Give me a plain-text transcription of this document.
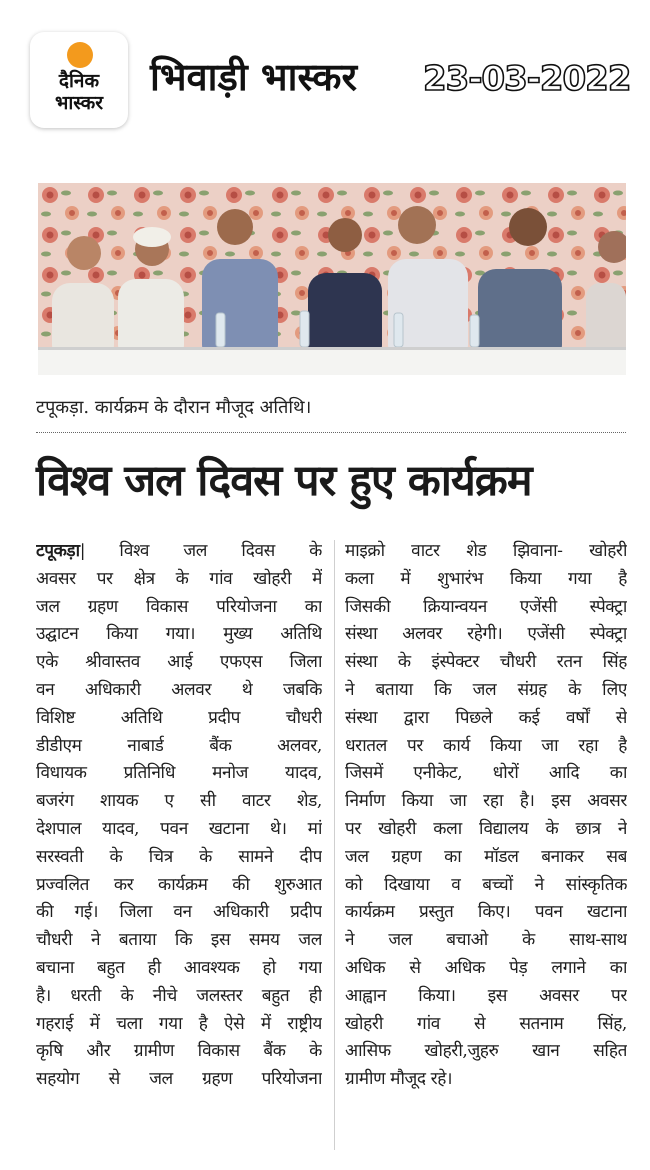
दैनिक
भास्कर
भिवाड़ी भास्कर 23-03-2022
टपूकड़ा. कार्यक्रम के दौरान मौजूद अतिथि।
विश्व जल दिवस पर हुए कार्यक्रम
टपूकड़ा| विश्व जल दिवस के
अवसर पर क्षेत्र के गांव खोहरी में
जल ग्रहण विकास परियोजना का
उद्घाटन किया गया। मुख्य अतिथि
एके श्रीवास्तव आई एफएस जिला
वन अधिकारी अलवर थे जबकि
विशिष्ट अतिथि प्रदीप चौधरी
डीडीएम नाबार्ड बैंक अलवर,
विधायक प्रतिनिधि मनोज यादव,
बजरंग शायक ए सी वाटर शेड,
देशपाल यादव, पवन खटाना थे। मां
सरस्वती के चित्र के सामने दीप
प्रज्वलित कर कार्यक्रम की शुरुआत
की गई। जिला वन अधिकारी प्रदीप
चौधरी ने बताया कि इस समय जल
बचाना बहुत ही आवश्यक हो गया
है। धरती के नीचे जलस्तर बहुत ही
गहराई में चला गया है ऐसे में राष्ट्रीय
कृषि और ग्रामीण विकास बैंक के
सहयोग से जल ग्रहण परियोजना
माइक्रो वाटर शेड झिवाना- खोहरी
कला में शुभारंभ किया गया है
जिसकी क्रियान्वयन एजेंसी स्पेक्ट्रा
संस्था अलवर रहेगी। एजेंसी स्पेक्ट्रा
संस्था के इंस्पेक्टर चौधरी रतन सिंह
ने बताया कि जल संग्रह के लिए
संस्था द्वारा पिछले कई वर्षों से
धरातल पर कार्य किया जा रहा है
जिसमें एनीकेट, धोरों आदि का
निर्माण किया जा रहा है। इस अवसर
पर खोहरी कला विद्यालय के छात्र ने
जल ग्रहण का मॉडल बनाकर सब
को दिखाया व बच्चों ने सांस्कृतिक
कार्यक्रम प्रस्तुत किए। पवन खटाना
ने जल बचाओ के साथ-साथ
अधिक से अधिक पेड़ लगाने का
आह्वान किया। इस अवसर पर
खोहरी गांव से सतनाम सिंह,
आसिफ खोहरी,जुहरु खान सहित
ग्रामीण मौजूद रहे।
